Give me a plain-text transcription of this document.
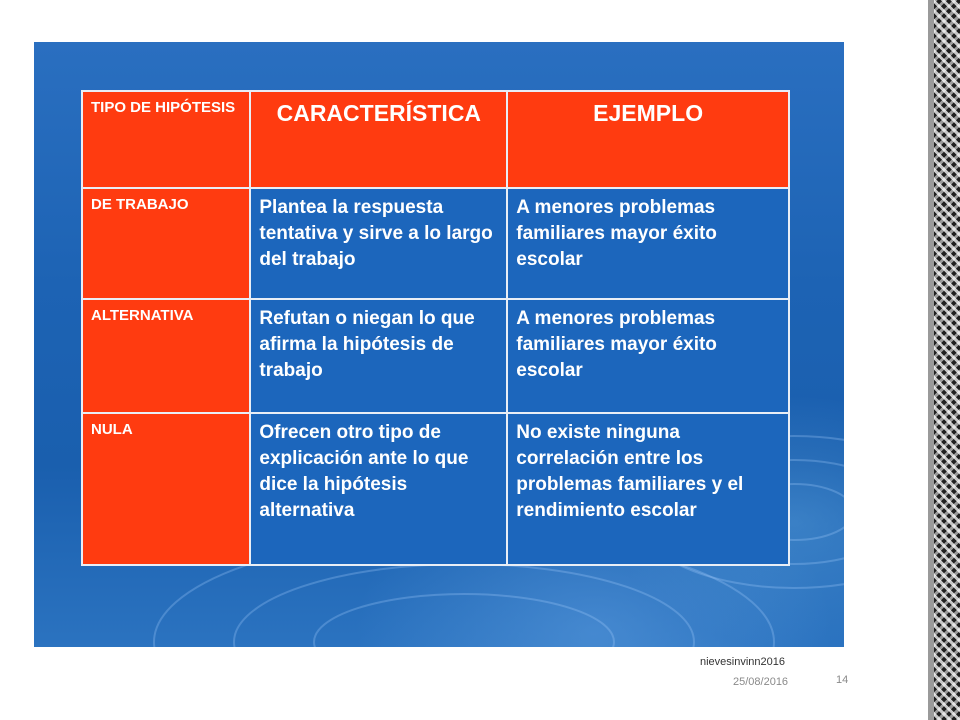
TIPO DE HIPÓTESIS	CARACTERÍSTICA	EJEMPLO
DE TRABAJO	Plantea la respuesta tentativa y sirve a lo largo del trabajo	A menores problemas familiares mayor éxito escolar
ALTERNATIVA	Refutan o niegan lo que afirma la hipótesis de trabajo	A menores problemas familiares mayor éxito escolar
NULA	Ofrecen otro tipo de explicación ante lo que dice la hipótesis alternativa	No existe ninguna correlación entre los problemas familiares y el rendimiento escolar
nievesinvinn2016
25/08/2016	14
